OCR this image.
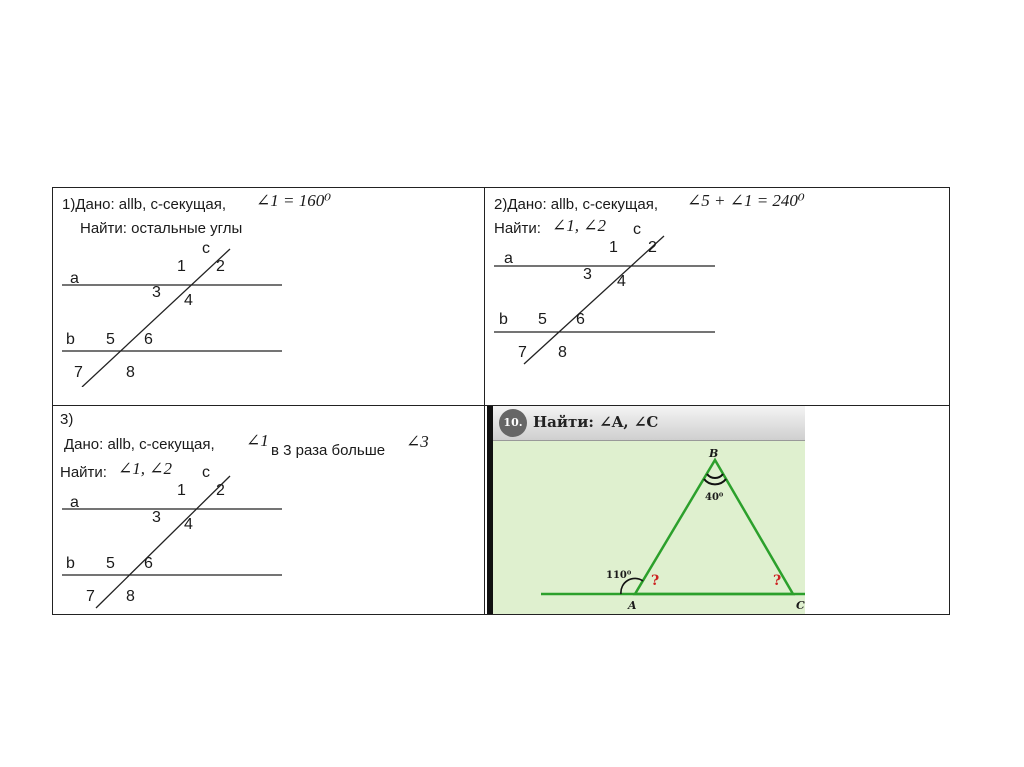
1)Дано: allb, с-секущая, ∠1 = 160⁰
Найти: остальные углы
c
a
1 2
3 4
b 5 6
7	8
2)Дано: allb, с-секущая, ∠5 + ∠1 = 240⁰
Найти: ∠1, ∠2 c
a
1 2
3 4
b 5 6
7 8
3)
Дано: allb, с-секущая, ∠1
в 3 раза больше ∠3
Найти: ∠1, ∠2 c
a
1 2
3 4
b 5 6
7 8
10. Найти: ∠A, ∠C
B
40⁰
110⁰ ?	?
A	C
